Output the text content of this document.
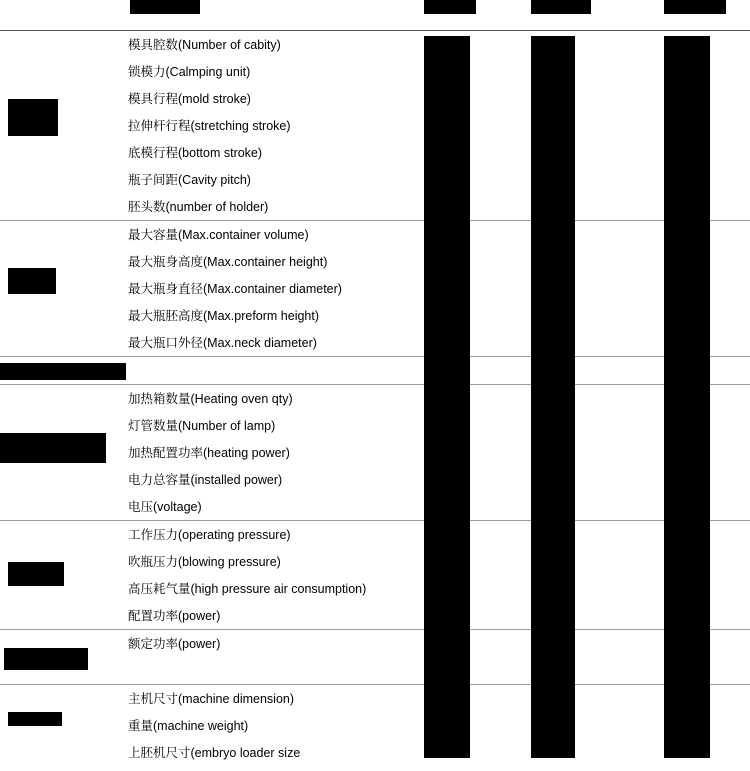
	模具腔数(Number of cabity)			
	锁模力(Calmping unit)			
	模具行程(mold stroke)			
	拉伸杆行程(stretching stroke)			
	底模行程(bottom stroke)			
	瓶子间距(Cavity pitch)			
	胚头数(number of holder)			
	最大容量(Max.container volume)			
	最大瓶身高度(Max.container height)			
	最大瓶身直径(Max.container diameter)			
	最大瓶胚高度(Max.preform height)			
	最大瓶口外径(Max.neck diameter)			

	加热箱数量(Heating oven qty)			
	灯管数量(Number of lamp)			
	加热配置功率(heating power)			
	电力总容量(installed power)			
	电压(voltage)			
	工作压力(operating pressure)			
	吹瓶压力(blowing pressure)			
	高压耗气量(high pressure air consumption)			
	配置功率(power)			
	额定功率(power)			

	主机尺寸(machine dimension)			
	重量(machine weight)			
	上胚机尺寸(embryo loader size			
